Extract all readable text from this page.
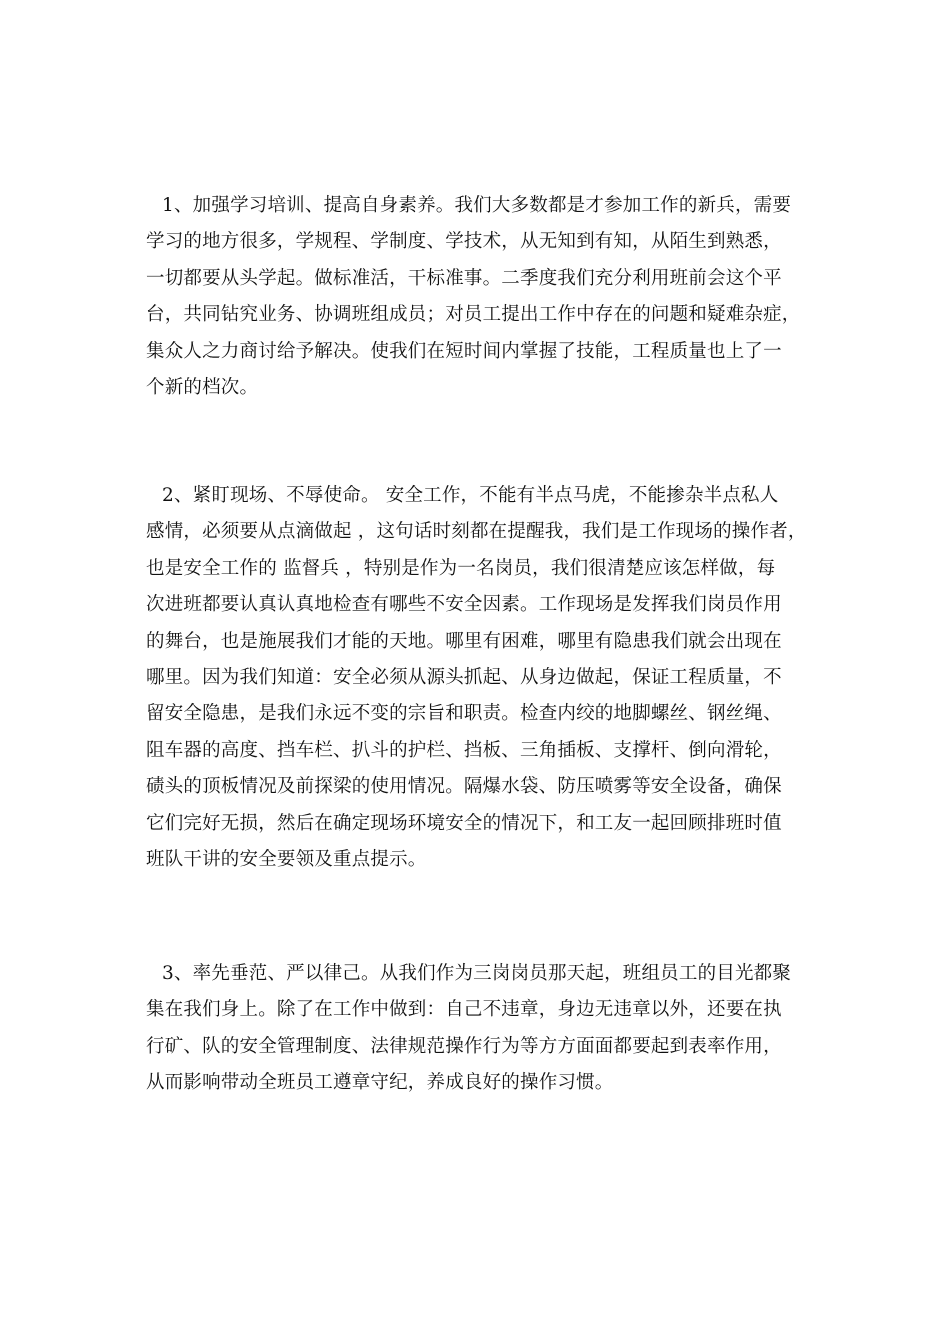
1、加强学习培训、提高自身素养。我们大多数都是才参加工作的新兵，需要
学习的地方很多，学规程、学制度、学技术，从无知到有知，从陌生到熟悉，
一切都要从头学起。做标准活，干标准事。二季度我们充分利用班前会这个平
台，共同钻究业务、协调班组成员；对员工提出工作中存在的问题和疑难杂症，
集众人之力商讨给予解决。使我们在短时间内掌握了技能，工程质量也上了一
个新的档次。
2、紧盯现场、不辱使命。 安全工作，不能有半点马虎，不能掺杂半点私人
感情，必须要从点滴做起 ，这句话时刻都在提醒我，我们是工作现场的操作者，
也是安全工作的 监督兵 ，特别是作为一名岗员，我们很清楚应该怎样做，每
次进班都要认真认真地检查有哪些不安全因素。工作现场是发挥我们岗员作用
的舞台，也是施展我们才能的天地。哪里有困难，哪里有隐患我们就会出现在
哪里。因为我们知道：安全必须从源头抓起、从身边做起，保证工程质量，不
留安全隐患，是我们永远不变的宗旨和职责。检查内绞的地脚螺丝、钢丝绳、
阻车器的高度、挡车栏、扒斗的护栏、挡板、三角插板、支撑杆、倒向滑轮，
碛头的顶板情况及前探梁的使用情况。隔爆水袋、防压喷雾等安全设备，确保
它们完好无损，然后在确定现场环境安全的情况下，和工友一起回顾排班时值
班队干讲的安全要领及重点提示。
3、率先垂范、严以律己。从我们作为三岗岗员那天起，班组员工的目光都聚
集在我们身上。除了在工作中做到：自己不违章，身边无违章以外，还要在执
行矿、队的安全管理制度、法律规范操作行为等方方面面都要起到表率作用，
从而影响带动全班员工遵章守纪，养成良好的操作习惯。
